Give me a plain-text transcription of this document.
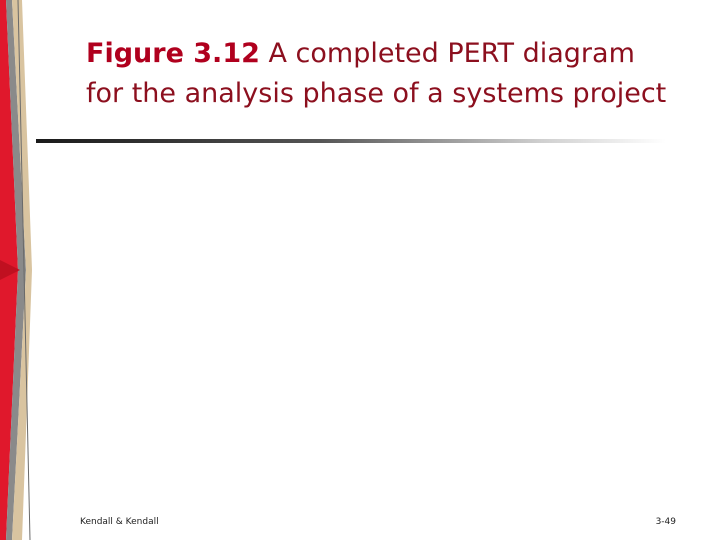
Figure 3.12 A completed PERT diagram
for the analysis phase of a systems project
Kendall & Kendall	3-49
